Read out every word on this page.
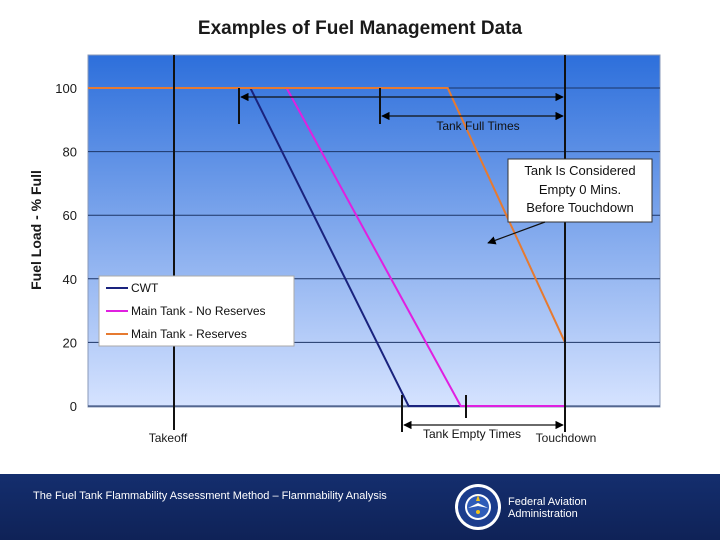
Examples of Fuel Management Data
0
20
40
60
80
100
Fuel Load - % Full
Takeoff	Touchdown
Tank Full Times
Tank Empty Times
Tank Is Considered
Empty 0 Mins.
Before Touchdown
CWT
Main Tank - No Reserves
Main Tank - Reserves
The Fuel Tank Flammability Assessment Method – Flammability Analysis	Federal Aviation
Administration
